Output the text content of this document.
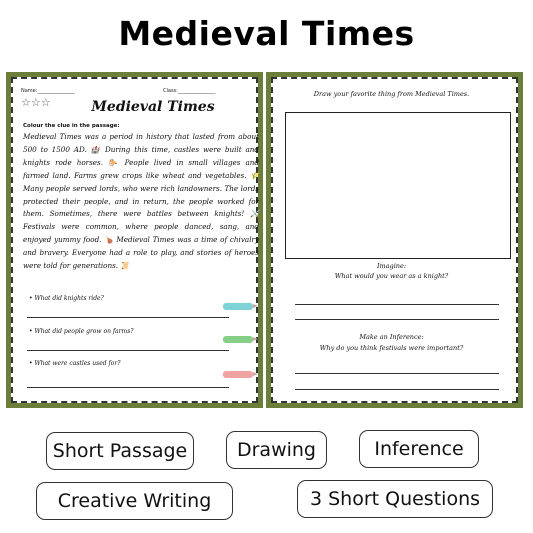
Medieval Times
Name:_______________	Class:_______________
☆☆☆	Medieval Times
Colour the clue in the passage:
Medieval Times was a period in history that lasted from about 500 to 1500 AD. 🏰 During this time, castles were built and knights rode horses. 🐎 People lived in small villages and farmed land. Farms grew crops like wheat and vegetables. 🌾 Many people served lords, who were rich landowners. The lords protected their people, and in return, the people worked for them. Sometimes, there were battles between knights! ⚔️ Festivals were common, where people danced, sang, and enjoyed yummy food. 🍗 Medieval Times was a time of chivalry and bravery. Everyone had a role to play, and stories of heroes were told for generations. 📜
• What did knights ride?
• What did people grow on farms?
• What were castles used for?
Draw your favorite thing from Medieval Times.
Imagine:
What would you wear as a knight?
Make an Inference:
Why do you think festivals were important?
Short Passage	Drawing	Inference
Creative Writing	3 Short Questions
